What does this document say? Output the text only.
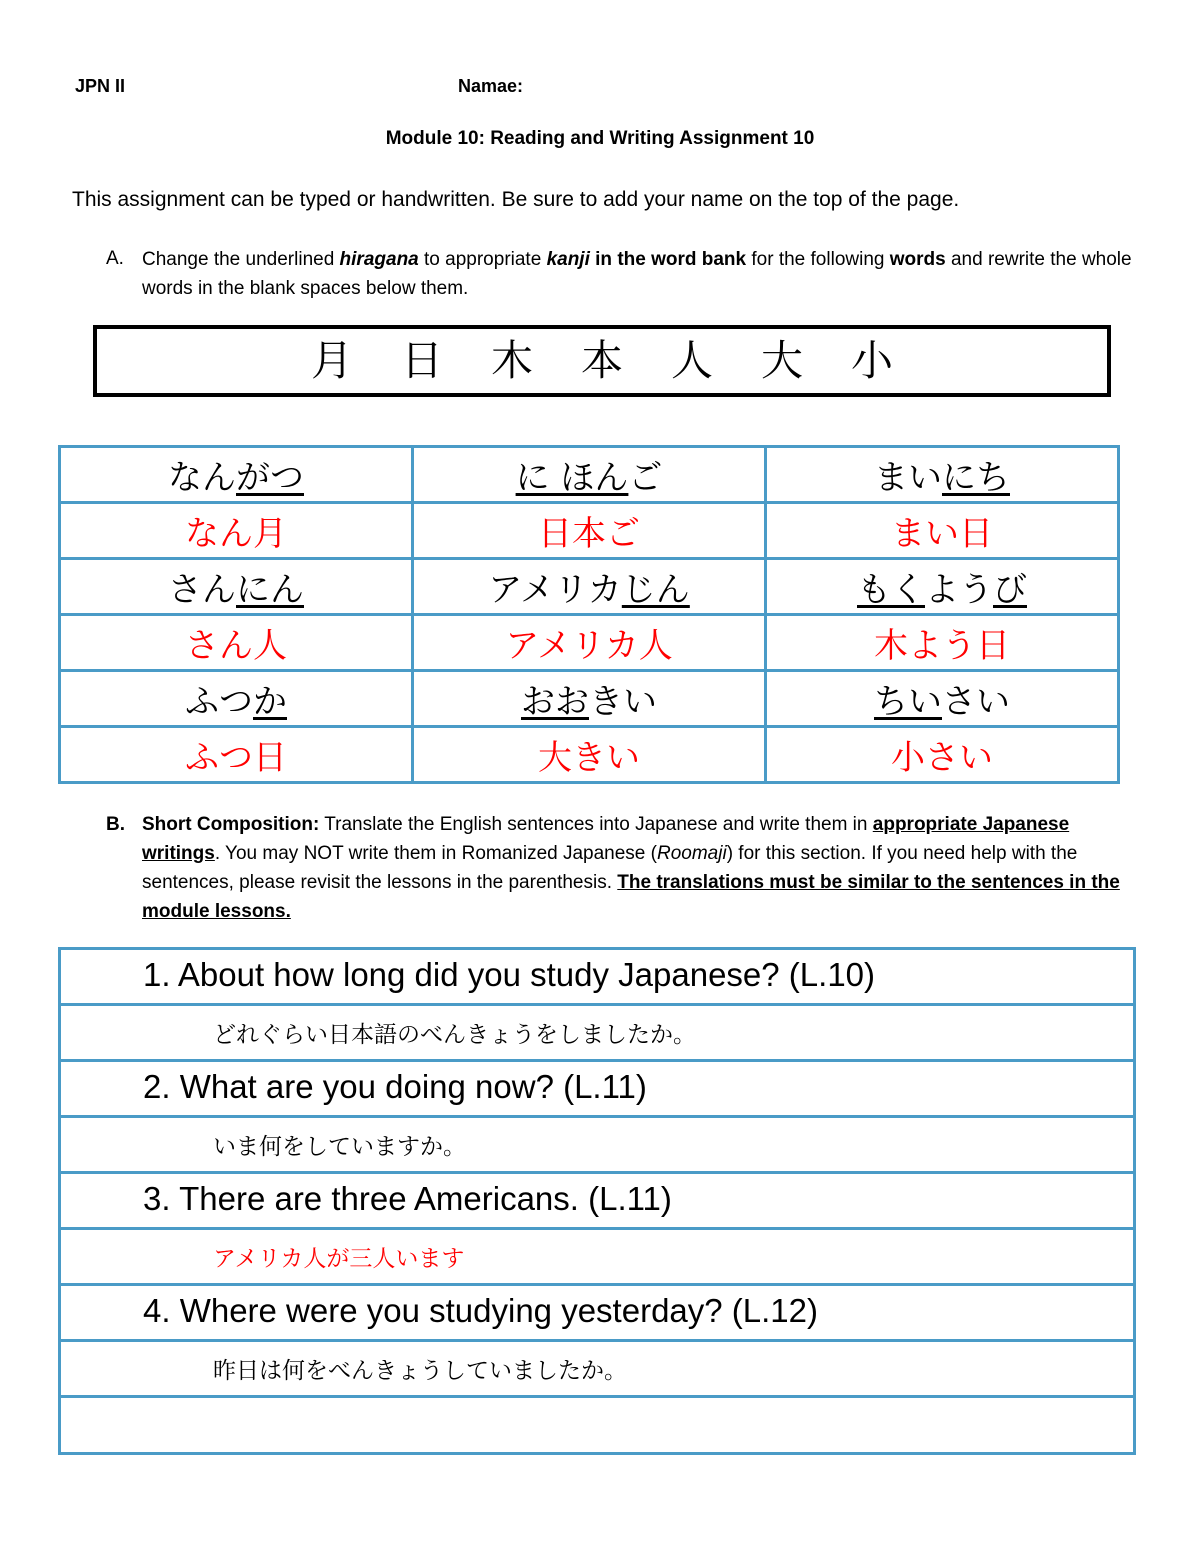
JPN II	Namae:
Module 10: Reading and Writing Assignment 10
This assignment can be typed or handwritten. Be sure to add your name on the top of the page.
A. Change the underlined hiragana to appropriate kanji in the word bank for the following words and rewrite the whole words in the blank spaces below them.
月 日 木 本 人 大 小
なんがつ	に ほんご	まいにち
なん月	日本ご	まい日
さんにん	アメリカじん	もくようび
さん人	アメリカ人	木よう日
ふつか	おおきい	ちいさい
ふつ日	大きい	小さい
B. Short Composition: Translate the English sentences into Japanese and write them in appropriate Japanese writings. You may NOT write them in Romanized Japanese (Roomaji) for this section. If you need help with the sentences, please revisit the lessons in the parenthesis. The translations must be similar to the sentences in the module lessons.
1. About how long did you study Japanese? (L.10)
どれぐらい日本語のべんきょうをしましたか。
2. What are you doing now? (L.11)
いま何をしていますか。
3. There are three Americans. (L.11)
アメリカ人が三人います
4. Where were you studying yesterday? (L.12)
昨日は何をべんきょうしていましたか。
